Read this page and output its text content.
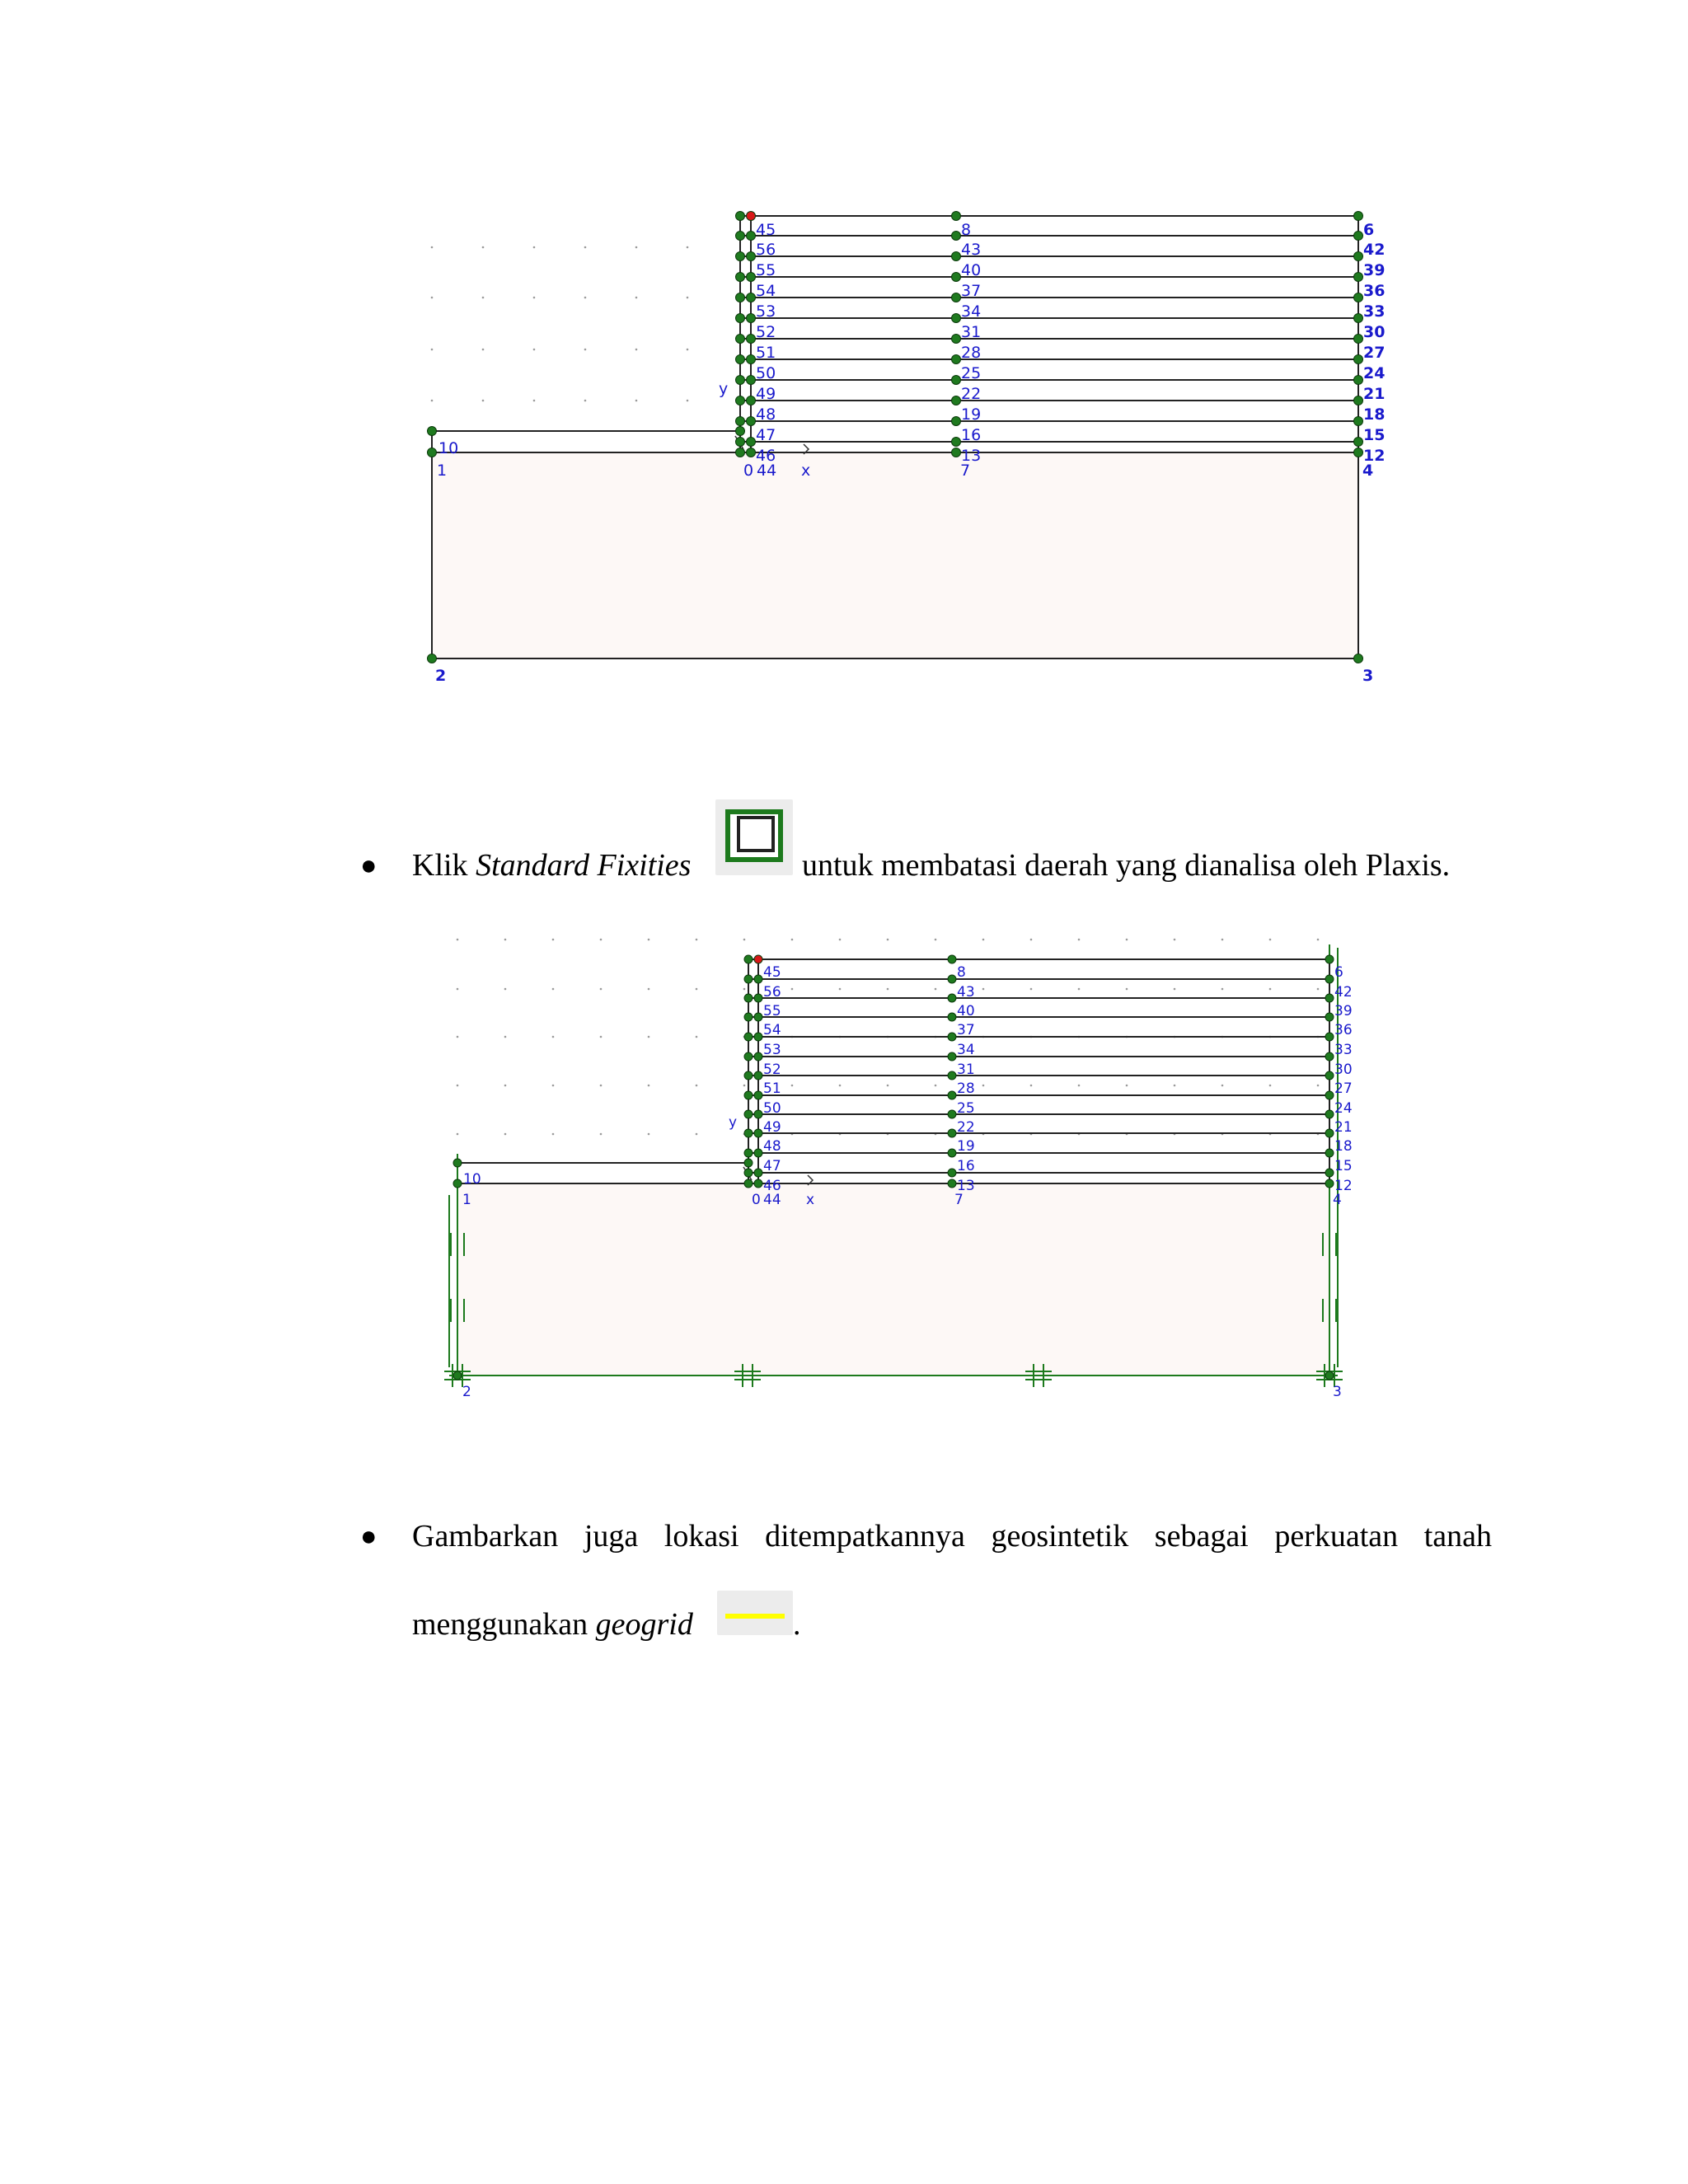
10
1
2	3
4
7
0 44 x
y
45	8	6
56	43	42
55	40	39
54	37	36
53	34	33
52	31	30
51	28	27
50	25	24
49	22	21
48	19	18
47	16	15
46	13	12
10
1
2	3
4
7
0 44 x
y
45	8	6
56	43	42
55	40	39
54	37	36
53	34	33
52	31	30
51	28	27
50	25	24
49	22	21
48	19	18
47	16	15
46	13	12
● Klik Standard Fixities	untuk membatasi daerah yang dianalisa oleh Plaxis.
● Gambarkan juga lokasi ditempatkannya geosintetik sebagai perkuatan tanah
menggunakan geogrid	.
